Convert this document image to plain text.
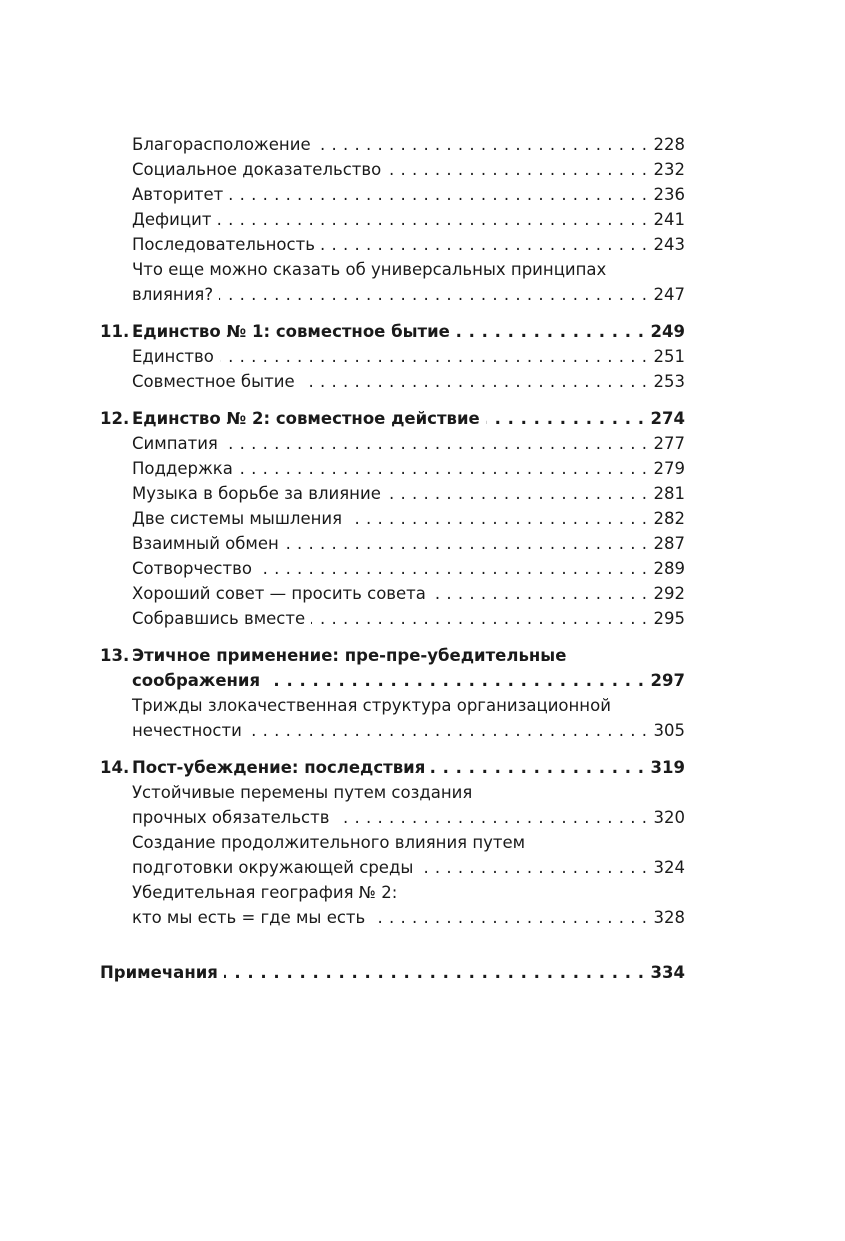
Благорасположение . . .	228
Социальное доказательство . . .	232
Авторитет . . .	236
Дефицит . . .	241
Последовательность . . .	243
Что еще можно сказать об универсальных принципах
влияния? . . .	247
11. Единство № 1: совместное бытие . . .	249
Единство . . .	251
Совместное бытие . . .	253
12. Единство № 2: совместное действие . . .	274
Симпатия . . .	277
Поддержка . . .	279
Музыка в борьбе за влияние . . .	281
Две системы мышления . . .	282
Взаимный обмен . . .	287
Сотворчество . . .	289
Хороший совет — просить совета . . .	292
Собравшись вместе . . .	295
13. Этичное применение: пре-пре-убедительные
соображения . . .	297
Трижды злокачественная структура организационной
нечестности . . .	305
14. Пост-убеждение: последствия . . .	319
Устойчивые перемены путем создания
прочных обязательств . . .	320
Создание продолжительного влияния путем
подготовки окружающей среды . . .	324
Убедительная география № 2:
кто мы есть = где мы есть . . .	328
Примечания . . .	334
